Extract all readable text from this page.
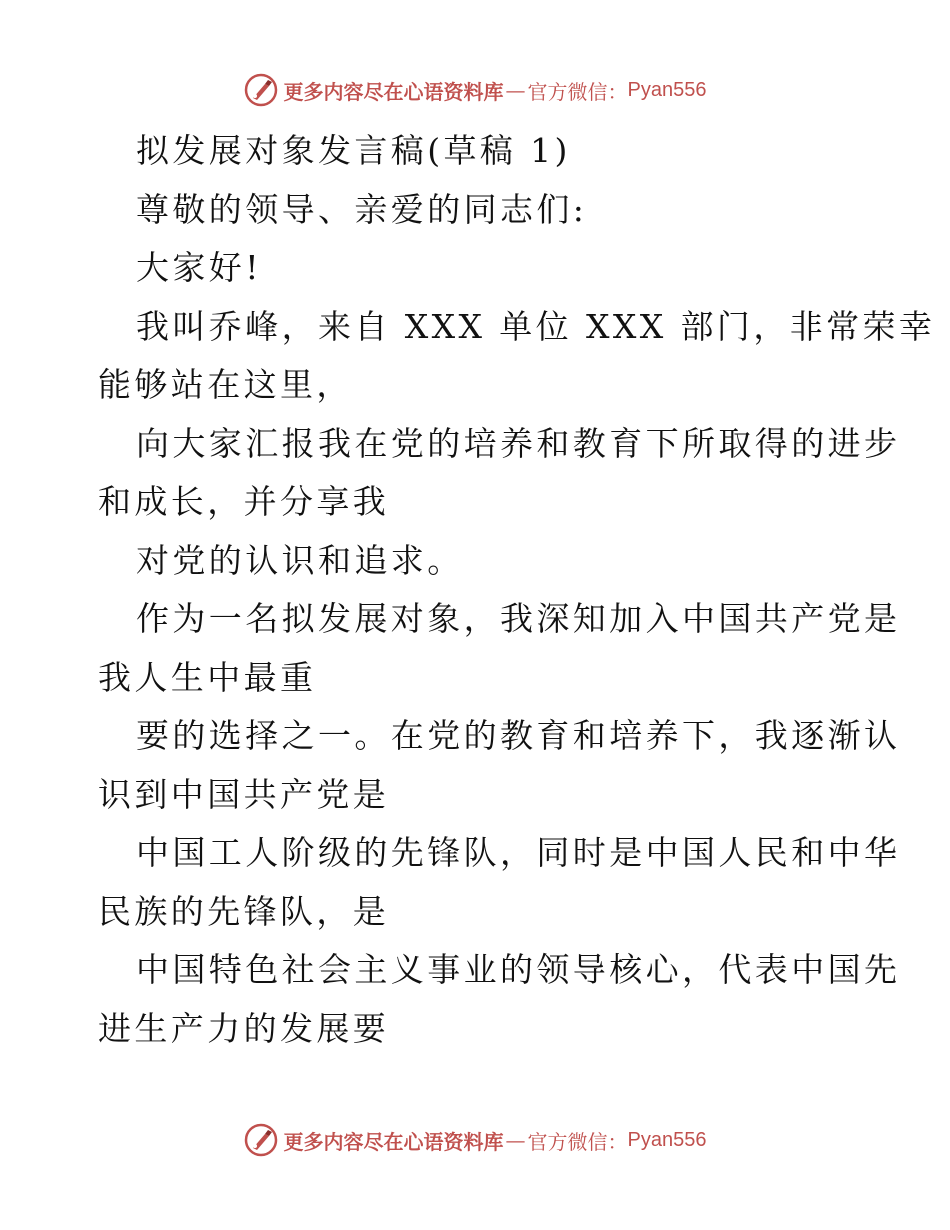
更多内容尽在心语资料库 — 官方微信： Pyan556
拟发展对象发言稿(草稿 1)
尊敬的领导、亲爱的同志们:
大家好!
我叫乔峰，来自 XXX 单位 XXX 部门，非常荣幸
能够站在这里，
向大家汇报我在党的培养和教育下所取得的进步
和成长，并分享我
对党的认识和追求。
作为一名拟发展对象，我深知加入中国共产党是
我人生中最重
要的选择之一。在党的教育和培养下，我逐渐认
识到中国共产党是
中国工人阶级的先锋队，同时是中国人民和中华
民族的先锋队，是
中国特色社会主义事业的领导核心，代表中国先
进生产力的发展要
更多内容尽在心语资料库 — 官方微信： Pyan556
